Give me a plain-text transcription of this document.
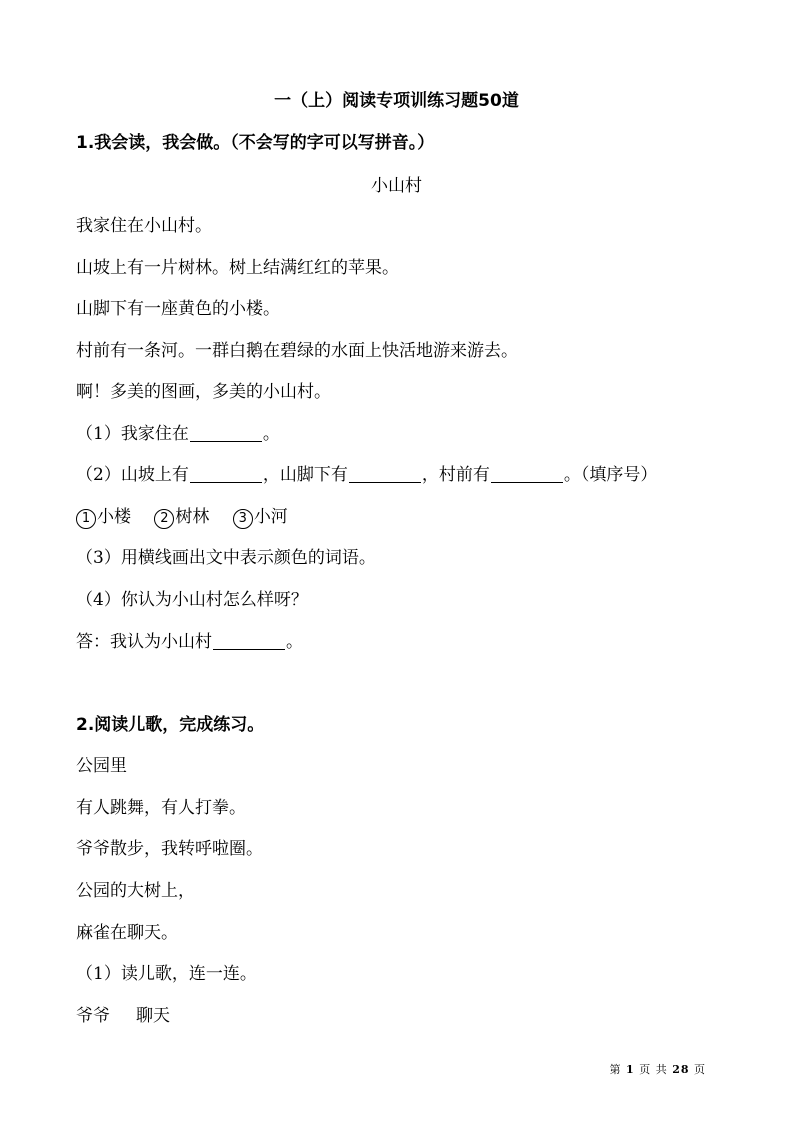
一（上）阅读专项训练习题50道
1.我会读，我会做。（不会写的字可以写拼音。）
小山村
我家住在小山村。
山坡上有一片树林。树上结满红红的苹果。
山脚下有一座黄色的小楼。
村前有一条河。一群白鹅在碧绿的水面上快活地游来游去。
啊！多美的图画，多美的小山村。
（1）我家住在	。
（2）山坡上有	，山脚下有	，村前有	。（填序号）
1 小楼 2 树林 3 小河
（3）用横线画出文中表示颜色的词语。
（4）你认为小山村怎么样呀？
答：我认为小山村	。
2.阅读儿歌，完成练习。
公园里
有人跳舞，有人打拳。
爷爷散步，我转呼啦圈。
公园的大树上，
麻雀在聊天。
（1）读儿歌，连一连。
爷爷 聊天
第 1 页 共 28 页
